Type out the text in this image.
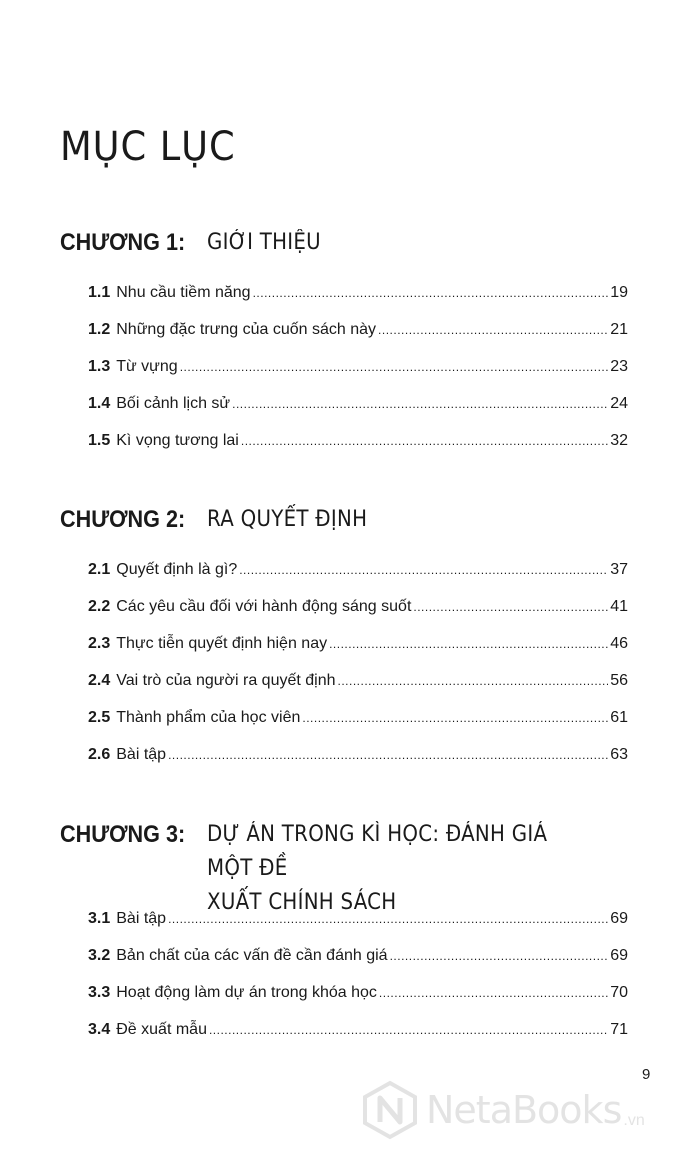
MỤC LỤC
CHƯƠNG 1: GIỚI THIỆU
1.1 Nhu cầu tiềm năng .....	19
1.2 Những đặc trưng của cuốn sách này .....	21
1.3 Từ vựng .....	23
1.4 Bối cảnh lịch sử .....	24
1.5 Kì vọng tương lai .....	32
CHƯƠNG 2: RA QUYẾT ĐỊNH
2.1 Quyết định là gì? .....	37
2.2 Các yêu cầu đối với hành động sáng suốt .....	41
2.3 Thực tiễn quyết định hiện nay .....	46
2.4 Vai trò của người ra quyết định .....	56
2.5 Thành phẩm của học viên .....	61
2.6 Bài tập .....	63
CHƯƠNG 3: DỰ ÁN TRONG KÌ HỌC: ĐÁNH GIÁ MỘT ĐỀ
XUẤT CHÍNH SÁCH
3.1 Bài tập .....	69
3.2 Bản chất của các vấn đề cần đánh giá .....	69
3.3 Hoạt động làm dự án trong khóa học .....	70
3.4 Đề xuất mẫu .....	71
9
NetaBooks .vn
